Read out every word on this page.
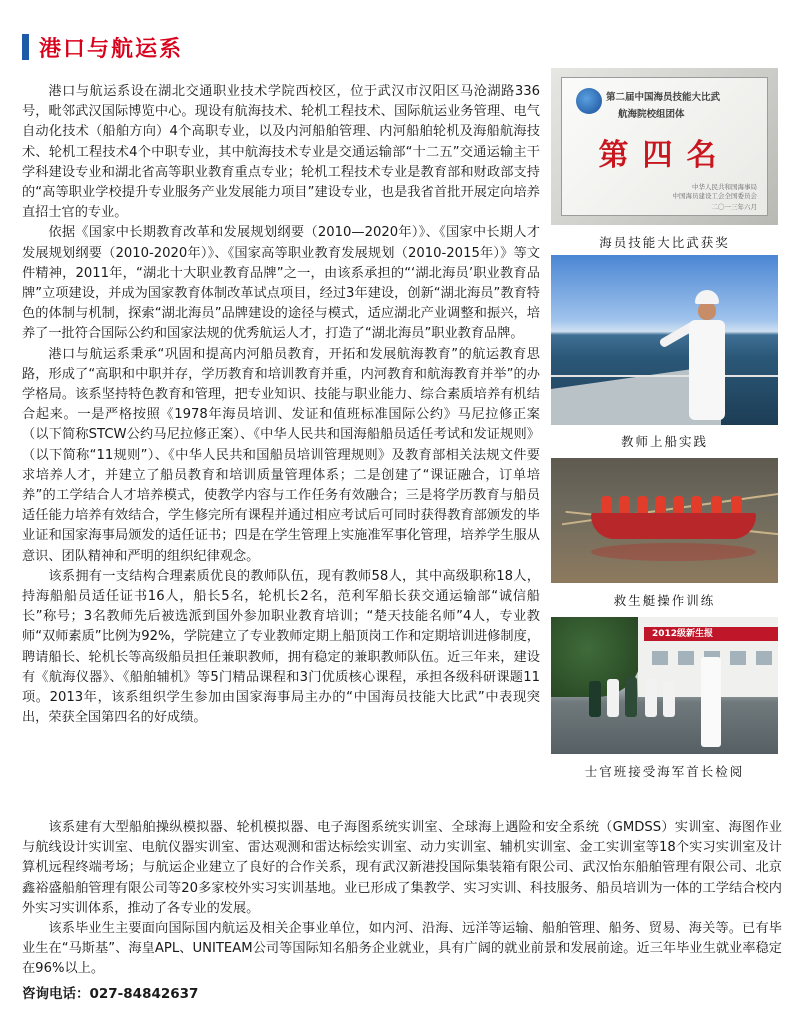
港口与航运系

港口与航运系设在湖北交通职业技术学院西校区，位于武汉市汉阳区马沧湖路336号，毗邻武汉国际博览中心。现设有航海技术、轮机工程技术、国际航运业务管理、电气自动化技术（船舶方向）4个高职专业，以及内河船舶管理、内河船舶轮机及海船航海技术、轮机工程技术4个中职专业，其中航海技术专业是交通运输部“十二五”交通运输主干学科建设专业和湖北省高等职业教育重点专业；轮机工程技术专业是教育部和财政部支持的“高等职业学校提升专业服务产业发展能力项目”建设专业，也是我省首批开展定向培养直招士官的专业。

依据《国家中长期教育改革和发展规划纲要（2010—2020年）》、《国家中长期人才发展规划纲要（2010-2020年）》、《国家高等职业教育发展规划（2010-2015年）》等文件精神，2011年，“湖北十大职业教育品牌”之一，由该系承担的“‘湖北海员’职业教育品牌”立项建设，并成为国家教育体制改革试点项目，经过3年建设，创新“湖北海员”教育特色的体制与机制，探索“湖北海员”品牌建设的途径与模式，适应湖北产业调整和振兴，培养了一批符合国际公约和国家法规的优秀航运人才，打造了“湖北海员”职业教育品牌。

港口与航运系秉承“巩固和提高内河船员教育，开拓和发展航海教育”的航运教育思路，形成了“高职和中职并存，学历教育和培训教育并重，内河教育和航海教育并举”的办学格局。该系坚持特色教育和管理，把专业知识、技能与职业能力、综合素质培养有机结合起来。一是严格按照《1978年海员培训、发证和值班标准国际公约》马尼拉修正案（以下简称STCW公约马尼拉修正案）、《中华人民共和国海船船员适任考试和发证规则》（以下简称“11规则”）、《中华人民共和国船员培训管理规则》及教育部相关法规文件要求培养人才，并建立了船员教育和培训质量管理体系；二是创建了“课证融合，订单培养”的工学结合人才培养模式，使教学内容与工作任务有效融合；三是将学历教育与船员适任能力培养有效结合，学生修完所有课程并通过相应考试后可同时获得教育部颁发的毕业证和国家海事局颁发的适任证书；四是在学生管理上实施准军事化管理，培养学生服从意识、团队精神和严明的组织纪律观念。

该系拥有一支结构合理素质优良的教师队伍，现有教师58人，其中高级职称18人，持海船船员适任证书16人，船长5名，轮机长2名，范利军船长获交通运输部“诚信船长”称号；3名教师先后被选派到国外参加职业教育培训；“楚天技能名师”4人，专业教师“双师素质”比例为92%，学院建立了专业教师定期上船顶岗工作和定期培训进修制度，聘请船长、轮机长等高级船员担任兼职教师，拥有稳定的兼职教师队伍。近三年来，建设有《航海仪器》、《船舶辅机》等5门精品课程和3门优质核心课程，承担各级科研课题11项。2013年，该系组织学生参加由国家海事局主办的“中国海员技能大比武”中表现突出，荣获全国第四名的好成绩。

该系建有大型船舶操纵模拟器、轮机模拟器、电子海图系统实训室、全球海上遇险和安全系统（GMDSS）实训室、海图作业与航线设计实训室、电航仪器实训室、雷达观测和雷达标绘实训室、动力实训室、辅机实训室、金工实训室等18个实习实训室及计算机远程终端考场；与航运企业建立了良好的合作关系，现有武汉新港投国际集装箱有限公司、武汉怡东船舶管理有限公司、北京鑫裕盛船舶管理有限公司等20多家校外实习实训基地。业已形成了集教学、实习实训、科技服务、船员培训为一体的工学结合校内外实习实训体系，推动了各专业的发展。

该系毕业生主要面向国际国内航运及相关企事业单位，如内河、沿海、远洋等运输、船舶管理、船务、贸易、海关等。已有毕业生在“马斯基”、海皇APL、UNITEAM公司等国际知名船务企业就业，具有广阔的就业前景和发展前途。近三年毕业生就业率稳定在96%以上。

咨询电话：027-84842637
第二届中国海员技能大比武
航海院校组团体
第四名
中华人民共和国海事局
中国海员建设工会全国委员会
二〇一三年六月
海员技能大比武获奖
教师上船实践
救生艇操作训练
2012级新生报
士官班接受海军首长检阅
